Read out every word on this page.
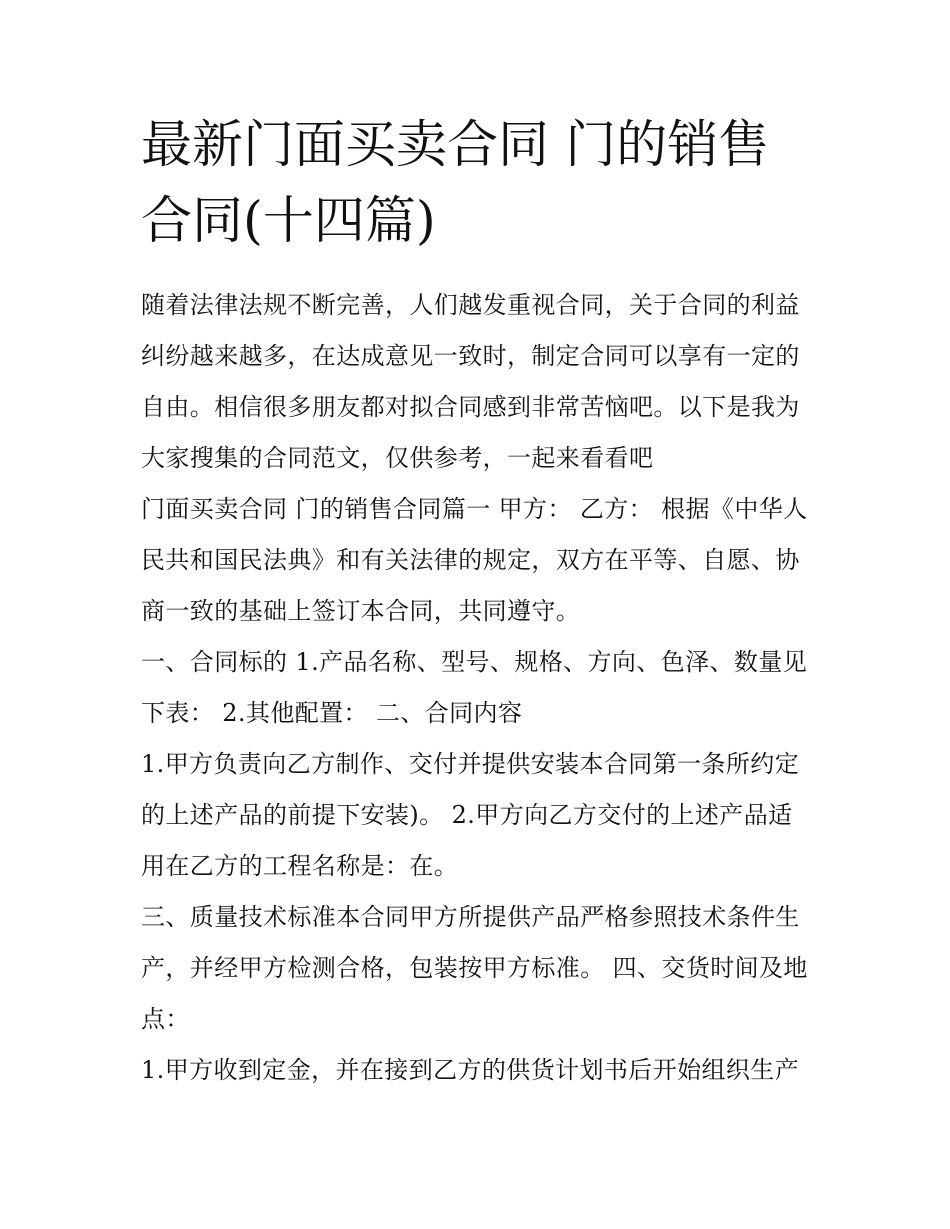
最新门面买卖合同 门的销售合同(十四篇)

随着法律法规不断完善，人们越发重视合同，关于合同的利益纠纷越来越多，在达成意见一致时，制定合同可以享有一定的自由。相信很多朋友都对拟合同感到非常苦恼吧。以下是我为大家搜集的合同范文，仅供参考，一起来看看吧

门面买卖合同 门的销售合同篇一 甲方： 乙方： 根据《中华人民共和国民法典》和有关法律的规定，双方在平等、自愿、协商一致的基础上签订本合同，共同遵守。

一、合同标的 1.产品名称、型号、规格、方向、色泽、数量见下表： 2.其他配置： 二、合同内容

1.甲方负责向乙方制作、交付并提供安装本合同第一条所约定的上述产品的前提下安装)。 2.甲方向乙方交付的上述产品适用在乙方的工程名称是：在。

三、质量技术标准本合同甲方所提供产品严格参照技术条件生产，并经甲方检测合格，包装按甲方标准。 四、交货时间及地点：

1.甲方收到定金，并在接到乙方的供货计划书后开始组织生产
